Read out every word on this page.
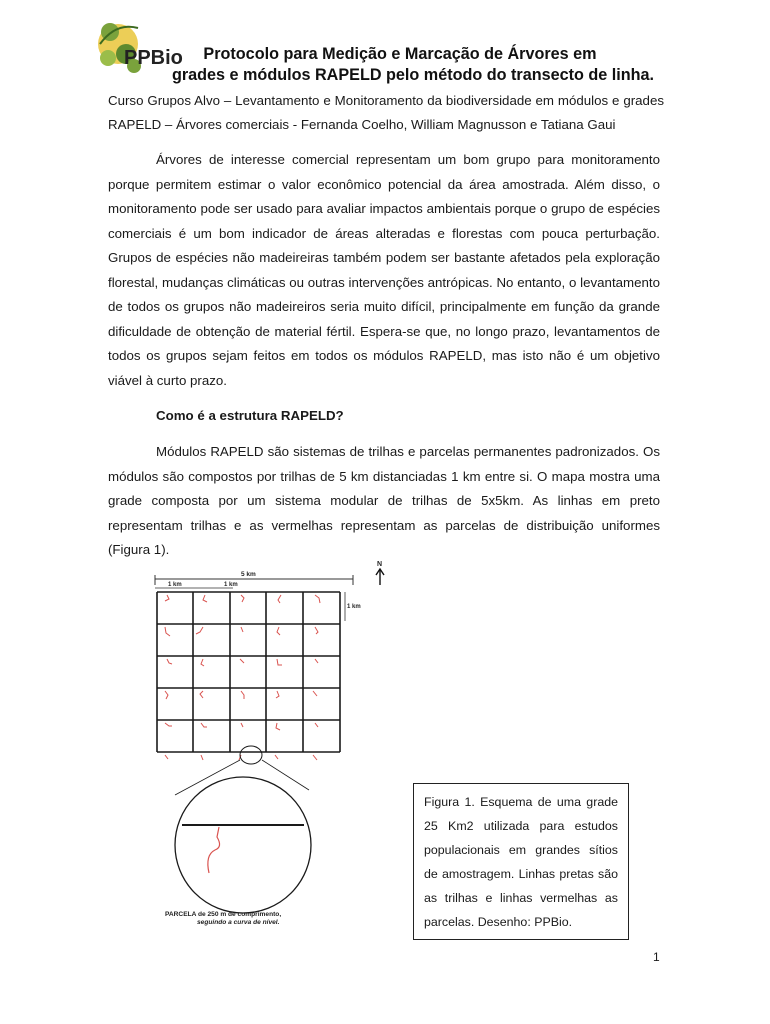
PPBio	Protocolo para Medição e Marcação de Árvores em
grades e módulos RAPELD pelo método do transecto de linha.
Curso Grupos Alvo – Levantamento e Monitoramento da biodiversidade em módulos e grades RAPELD – Árvores comerciais - Fernanda Coelho, William Magnusson e Tatiana Gaui
Árvores de interesse comercial representam um bom grupo para monitoramento porque permitem estimar o valor econômico potencial da área amostrada. Além disso, o monitoramento pode ser usado para avaliar impactos ambientais porque o grupo de espécies comerciais é um bom indicador de áreas alteradas e florestas com pouca perturbação. Grupos de espécies não madeireiras também podem ser bastante afetados pela exploração florestal, mudanças climáticas ou outras intervenções antrópicas. No entanto, o levantamento de todos os grupos não madeireiros seria muito difícil, principalmente em função da grande dificuldade de obtenção de material fértil. Espera-se que, no longo prazo, levantamentos de todos os grupos sejam feitos em todos os módulos RAPELD, mas isto não é um objetivo viável à curto prazo.
Como é a estrutura RAPELD?
Módulos RAPELD são sistemas de trilhas e parcelas permanentes padronizados. Os módulos são compostos por trilhas de 5 km distanciadas 1 km entre si. O mapa mostra uma grade composta por um sistema modular de trilhas de 5x5km. As linhas em preto representam trilhas e as vermelhas representam as parcelas de distribuição uniformes (Figura 1).
5 km
1 km	1 km
1 km
N
PARCELA de 250 m de comprimento,
seguindo a curva de nível.
Figura 1. Esquema de uma grade 25 Km2 utilizada para estudos populacionais em grandes sítios de amostragem. Linhas pretas são as trilhas e linhas vermelhas as parcelas. Desenho: PPBio.
1
